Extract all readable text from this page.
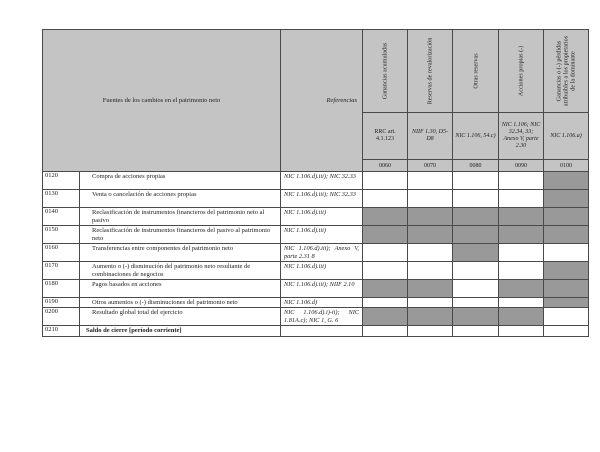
Fuentes de los cambios en el patrimonio neto		Referencias	Ganancias acumuladas	Reservas de revalorización	Otras reservas	Acciones propias (-)	Ganancias o (-) pérdidas atribuibles a los propietarios de la dominante

			RRC art. 4.1.123	NIIF 1.30, D5-D8	NIC 1.106, 54.c)	NIC 1.106; NIC 32.34, 33; Anexo V, parte 2.30	NIC 1.106.a)
			0060	0070	0080	0090	0100
0120	Compra de acciones propias	NIC 1.106.d).iii); NIC 32.33					
0130	Venta o cancelación de acciones propias	NIC 1.106.d).iii); NIC 32.33					
0140	Reclasificación de instrumentos financieros del patrimonio neto al pasivo	NIC 1.106.d).iii)					
0150	Reclasificación de instrumentos financieros del pasivo al patrimonio neto	NIC 1.106.d).iii)					
0160	Transferencias entre componentes del patrimonio neto	NIC 1.106.d).iii); Anexo V, parte 2.31 8					
0170	Aumento o (-) disminución del patrimonio neto resultante de combinaciones de negocios	NIC 1.106.d).iii)					
0180	Pagos basados en acciones	NIC 1.106.d).iii); NIIF 2.10					
0190	Otros aumentos o (-) disminuciones del patrimonio neto	NIC 1.106.d)					
0200	Resultado global total del ejercicio	NIC 1.106.d).i)-ii); NIC 1.81A.c); NIC 1, G. 6					
0210	Saldo de cierre [período corriente]						
